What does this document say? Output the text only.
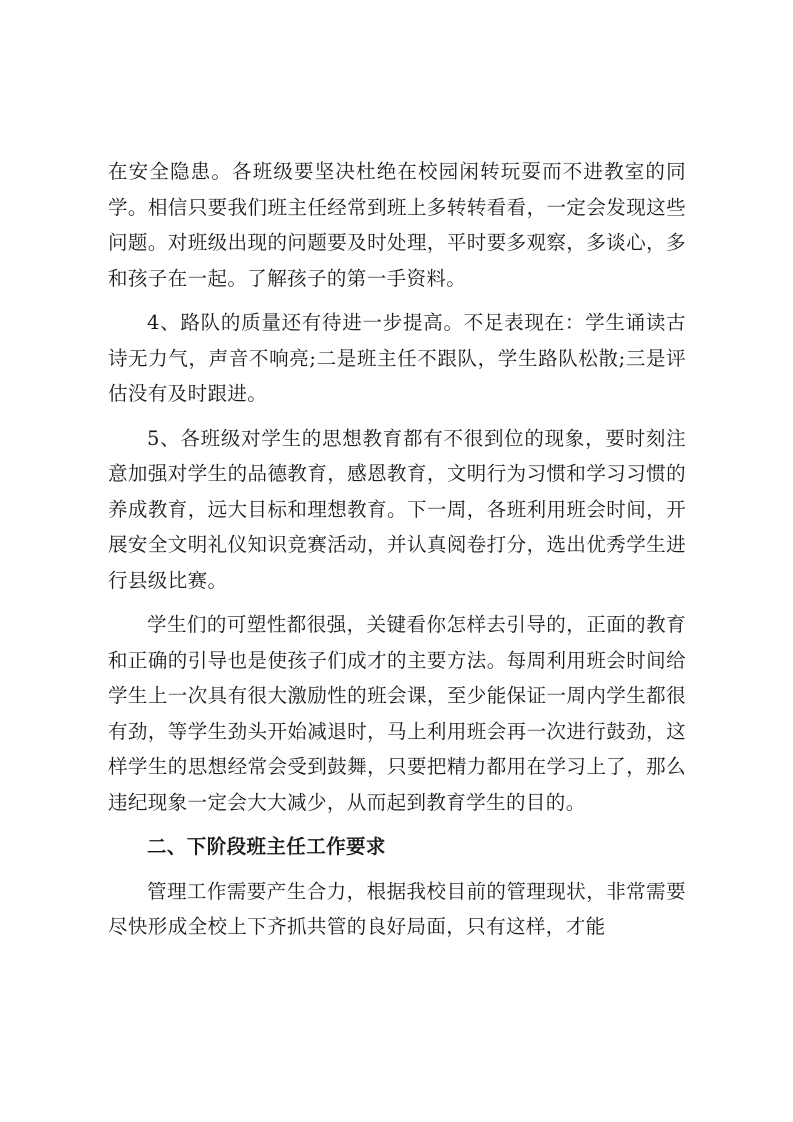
在安全隐患。各班级要坚决杜绝在校园闲转玩耍而不进教室的同学。相信只要我们班主任经常到班上多转转看看，一定会发现这些问题。对班级出现的问题要及时处理，平时要多观察，多谈心，多和孩子在一起。了解孩子的第一手资料。

4、路队的质量还有待进一步提高。不足表现在：学生诵读古诗无力气，声音不响亮;二是班主任不跟队，学生路队松散;三是评估没有及时跟进。

5、各班级对学生的思想教育都有不很到位的现象，要时刻注意加强对学生的品德教育，感恩教育，文明行为习惯和学习习惯的养成教育，远大目标和理想教育。下一周，各班利用班会时间，开展安全文明礼仪知识竞赛活动，并认真阅卷打分，选出优秀学生进行县级比赛。

学生们的可塑性都很强，关键看你怎样去引导的，正面的教育和正确的引导也是使孩子们成才的主要方法。每周利用班会时间给学生上一次具有很大激励性的班会课，至少能保证一周内学生都很有劲，等学生劲头开始减退时，马上利用班会再一次进行鼓劲，这样学生的思想经常会受到鼓舞，只要把精力都用在学习上了，那么违纪现象一定会大大减少，从而起到教育学生的目的。

二、下阶段班主任工作要求

管理工作需要产生合力，根据我校目前的管理现状，非常需要尽快形成全校上下齐抓共管的良好局面，只有这样，才能
